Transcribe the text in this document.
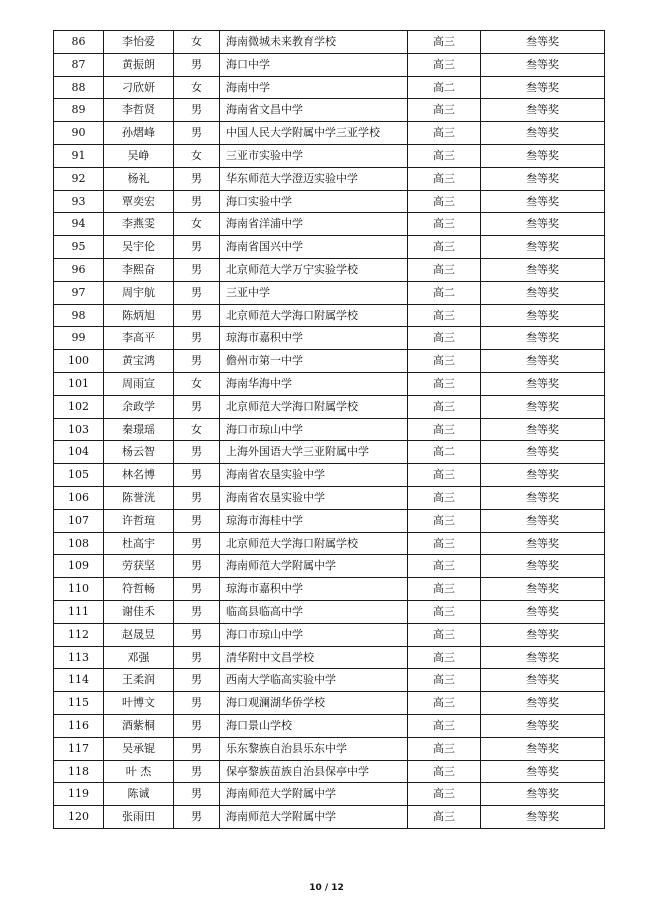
86	李怡爱	女	海南微城未来教育学校	高三	叁等奖
87	黄振朗	男	海口中学	高三	叁等奖
88	刁欣妍	女	海南中学	高二	叁等奖
89	李哲贤	男	海南省文昌中学	高三	叁等奖
90	孙熠峰	男	中国人民大学附属中学三亚学校	高三	叁等奖
91	吴峥	女	三亚市实验中学	高三	叁等奖
92	杨礼	男	华东师范大学澄迈实验中学	高三	叁等奖
93	覃奕宏	男	海口实验中学	高三	叁等奖
94	李燕雯	女	海南省洋浦中学	高三	叁等奖
95	吴宇伦	男	海南省国兴中学	高三	叁等奖
96	李熙奋	男	北京师范大学万宁实验学校	高三	叁等奖
97	周宇航	男	三亚中学	高二	叁等奖
98	陈炳旭	男	北京师范大学海口附属学校	高三	叁等奖
99	李高平	男	琼海市嘉积中学	高三	叁等奖
100	黄宝鸿	男	儋州市第一中学	高三	叁等奖
101	周雨宣	女	海南华海中学	高三	叁等奖
102	余政学	男	北京师范大学海口附属学校	高三	叁等奖
103	秦璟瑶	女	海口市琼山中学	高三	叁等奖
104	杨云智	男	上海外国语大学三亚附属中学	高二	叁等奖
105	林名博	男	海南省农垦实验中学	高三	叁等奖
106	陈誉洸	男	海南省农垦实验中学	高三	叁等奖
107	许哲瑄	男	琼海市海桂中学	高三	叁等奖
108	杜高宇	男	北京师范大学海口附属学校	高三	叁等奖
109	劳获坚	男	海南师范大学附属中学	高三	叁等奖
110	符哲畅	男	琼海市嘉积中学	高三	叁等奖
111	谢佳禾	男	临高县临高中学	高三	叁等奖
112	赵晟昱	男	海口市琼山中学	高三	叁等奖
113	邓强	男	清华附中文昌学校	高三	叁等奖
114	王柔润	男	西南大学临高实验中学	高三	叁等奖
115	叶博文	男	海口观澜湖华侨学校	高三	叁等奖
116	酒紫桐	男	海口景山学校	高三	叁等奖
117	吴承锟	男	乐东黎族自治县乐东中学	高三	叁等奖
118	叶 杰	男	保亭黎族苗族自治县保亭中学	高三	叁等奖
119	陈诚	男	海南师范大学附属中学	高三	叁等奖
120	张雨田	男	海南师范大学附属中学	高三	叁等奖
10 / 12
